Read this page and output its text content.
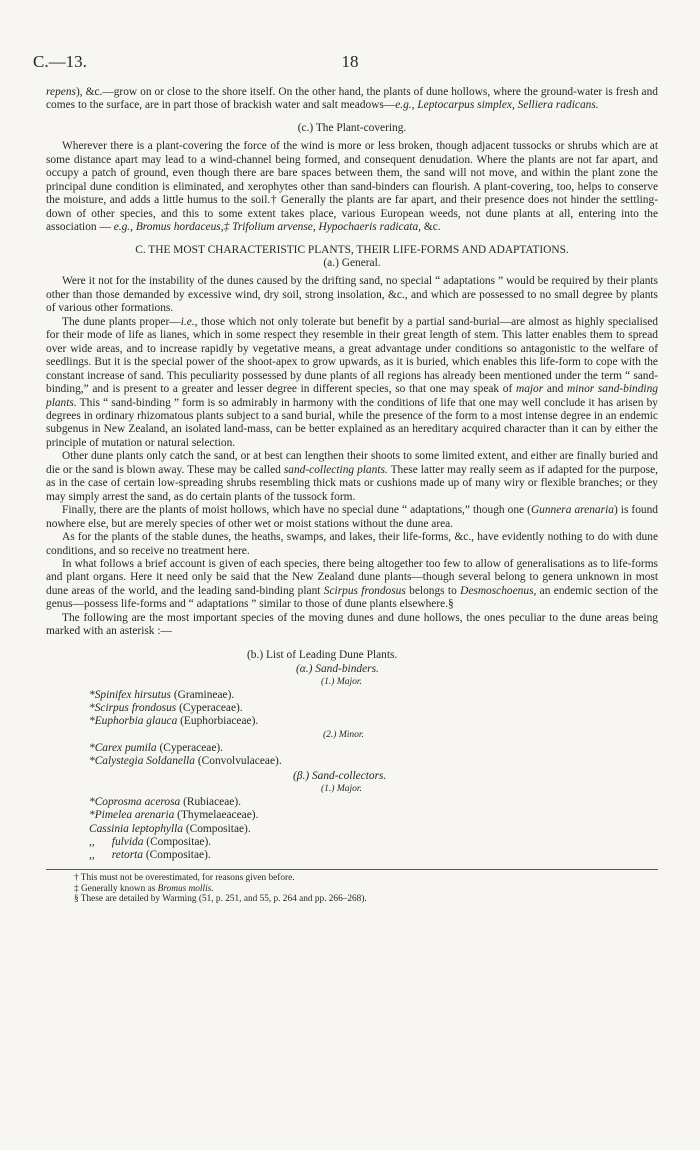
C.—13.	18

repens), &c.—grow on or close to the shore itself. On the other hand, the plants of dune hollows, where the ground-water is fresh and comes to the surface, are in part those of brackish water and salt meadows—e.g., Leptocarpus simplex, Selliera radicans.

(c.) The Plant-covering.

Wherever there is a plant-covering the force of the wind is more or less broken, though adjacent tussocks or shrubs which are at some distance apart may lead to a wind-channel being formed, and consequent denudation. Where the plants are not far apart, and occupy a patch of ground, even though there are bare spaces between them, the sand will not move, and within the plant zone the principal dune condition is eliminated, and xerophytes other than sand-binders can flourish. A plant-covering, too, helps to conserve the moisture, and adds a little humus to the soil.† Generally the plants are far apart, and their presence does not hinder the settling-down of other species, and this to some extent takes place, various European weeds, not dune plants at all, entering into the association — e.g., Bromus hordaceus,‡ Trifolium arvense, Hypochaeris radicata, &c.

C. THE MOST CHARACTERISTIC PLANTS, THEIR LIFE-FORMS AND ADAPTATIONS.
(a.) General.

Were it not for the instability of the dunes caused by the drifting sand, no special “ adaptations ” would be required by their plants other than those demanded by excessive wind, dry soil, strong insolation, &c., and which are possessed to no small degree by plants of various other formations.

The dune plants proper—i.e., those which not only tolerate but benefit by a partial sand-burial—are almost as highly specialised for their mode of life as lianes, which in some respect they resemble in their great length of stem. This latter enables them to spread over wide areas, and to increase rapidly by vegetative means, a great advantage under conditions so antagonistic to the welfare of seedlings. But it is the special power of the shoot-apex to grow upwards, as it is buried, which enables this life-form to cope with the constant increase of sand. This peculiarity possessed by dune plants of all regions has already been mentioned under the term “ sand-binding,” and is present to a greater and lesser degree in different species, so that one may speak of major and minor sand-binding plants. This “ sand-binding ” form is so admirably in harmony with the conditions of life that one may well conclude it has arisen by degrees in ordinary rhizomatous plants subject to a sand burial, while the presence of the form to a most intense degree in an endemic subgenus in New Zealand, an isolated land-mass, can be better explained as an hereditary acquired character than it can by either the principle of mutation or natural selection.

Other dune plants only catch the sand, or at best can lengthen their shoots to some limited extent, and either are finally buried and die or the sand is blown away. These may be called sand-collecting plants. These latter may really seem as if adapted for the purpose, as in the case of certain low-spreading shrubs resembling thick mats or cushions made up of many wiry or flexible branches; or they may simply arrest the sand, as do certain plants of the tussock form.

Finally, there are the plants of moist hollows, which have no special dune “ adaptations,” though one (Gunnera arenaria) is found nowhere else, but are merely species of other wet or moist stations without the dune area.

As for the plants of the stable dunes, the heaths, swamps, and lakes, their life-forms, &c., have evidently nothing to do with dune conditions, and so receive no treatment here.

In what follows a brief account is given of each species, there being altogether too few to allow of generalisations as to life-forms and plant organs. Here it need only be said that the New Zealand dune plants—though several belong to genera unknown in most dune areas of the world, and the leading sand-binding plant Scirpus frondosus belongs to Desmoschoenus, an endemic section of the genus—possess life-forms and “ adaptations ” similar to those of dune plants elsewhere.§

The following are the most important species of the moving dunes and dune hollows, the ones peculiar to the dune areas being marked with an asterisk :—

(b.) List of Leading Dune Plants.
(α.) Sand-binders.
(1.) Major.

*Spinifex hirsutus (Gramineae).

*Scirpus frondosus (Cyperaceae).

*Euphorbia glauca (Euphorbiaceae).

(2.) Minor.

*Carex pumila (Cyperaceae).

*Calystegia Soldanella (Convolvulaceae).

(β.) Sand-collectors.
(1.) Major.

*Coprosma acerosa (Rubiaceae).

*Pimelea arenaria (Thymelaeaceae).

Cassinia leptophylla (Compositae).

,,      fulvida (Compositae).

,,      retorta (Compositae).

† This must not be overestimated, for reasons given before.

‡ Generally known as Bromus mollis.

§ These are detailed by Warming (51, p. 251, and 55, p. 264 and pp. 266–268).
